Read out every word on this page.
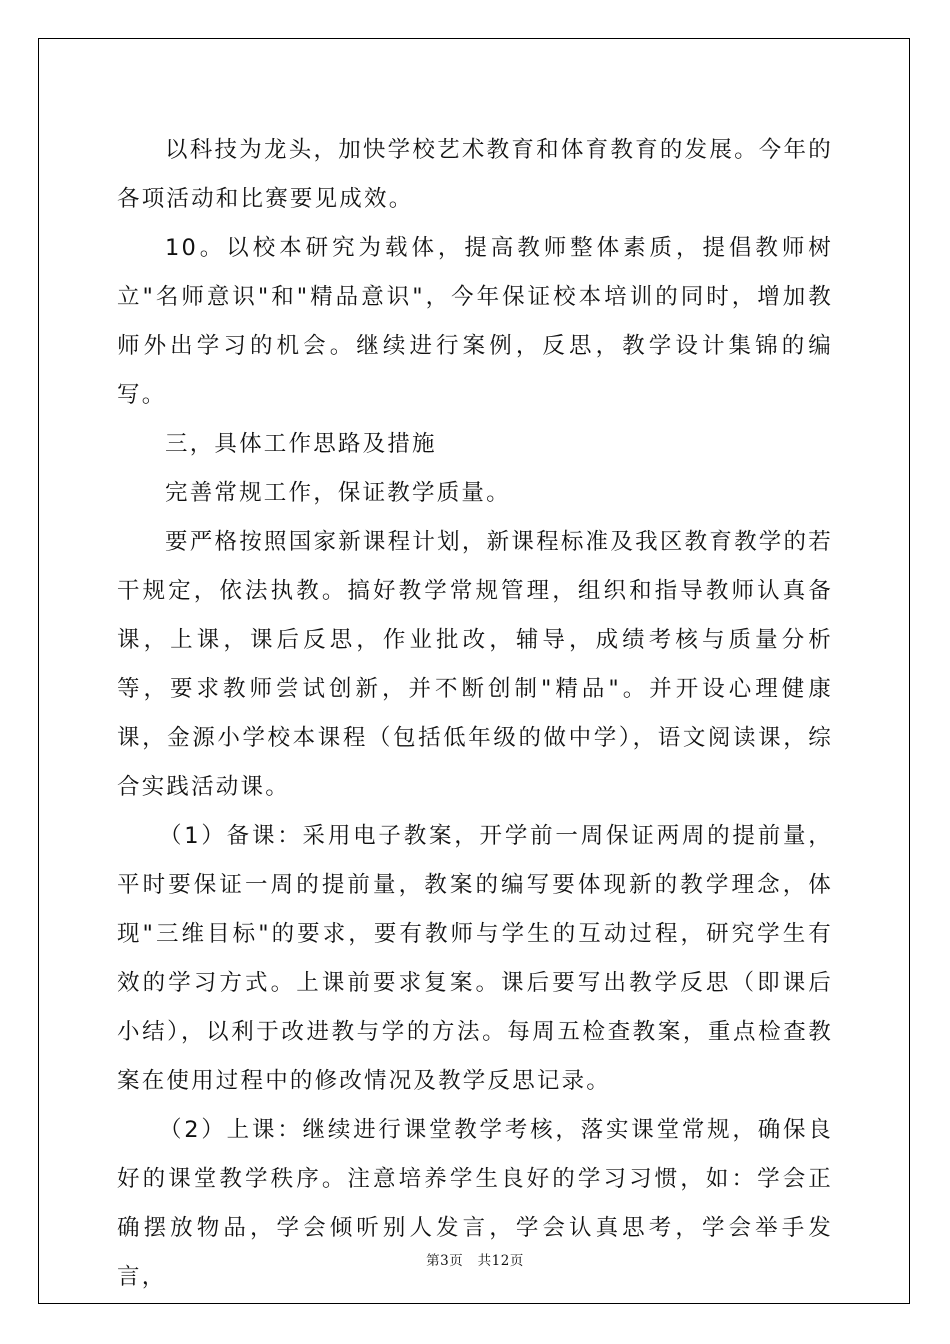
以科技为龙头，加快学校艺术教育和体育教育的发展。今年的各项活动和比赛要见成效。

10。以校本研究为载体，提高教师整体素质，提倡教师树立"名师意识"和"精品意识"，今年保证校本培训的同时，增加教师外出学习的机会。继续进行案例，反思，教学设计集锦的编写。

三，具体工作思路及措施

完善常规工作，保证教学质量。

要严格按照国家新课程计划，新课程标准及我区教育教学的若干规定，依法执教。搞好教学常规管理，组织和指导教师认真备课，上课，课后反思，作业批改，辅导，成绩考核与质量分析等，要求教师尝试创新，并不断创制"精品"。并开设心理健康课，金源小学校本课程（包括低年级的做中学），语文阅读课，综合实践活动课。

（1）备课：采用电子教案，开学前一周保证两周的提前量，平时要保证一周的提前量，教案的编写要体现新的教学理念，体现"三维目标"的要求，要有教师与学生的互动过程，研究学生有效的学习方式。上课前要求复案。课后要写出教学反思（即课后小结），以利于改进教与学的方法。每周五检查教案，重点检查教案在使用过程中的修改情况及教学反思记录。

（2）上课：继续进行课堂教学考核，落实课堂常规，确保良好的课堂教学秩序。注意培养学生良好的学习习惯，如：学会正确摆放物品，学会倾听别人发言，学会认真思考，学会举手发言，

第3页 共12页
